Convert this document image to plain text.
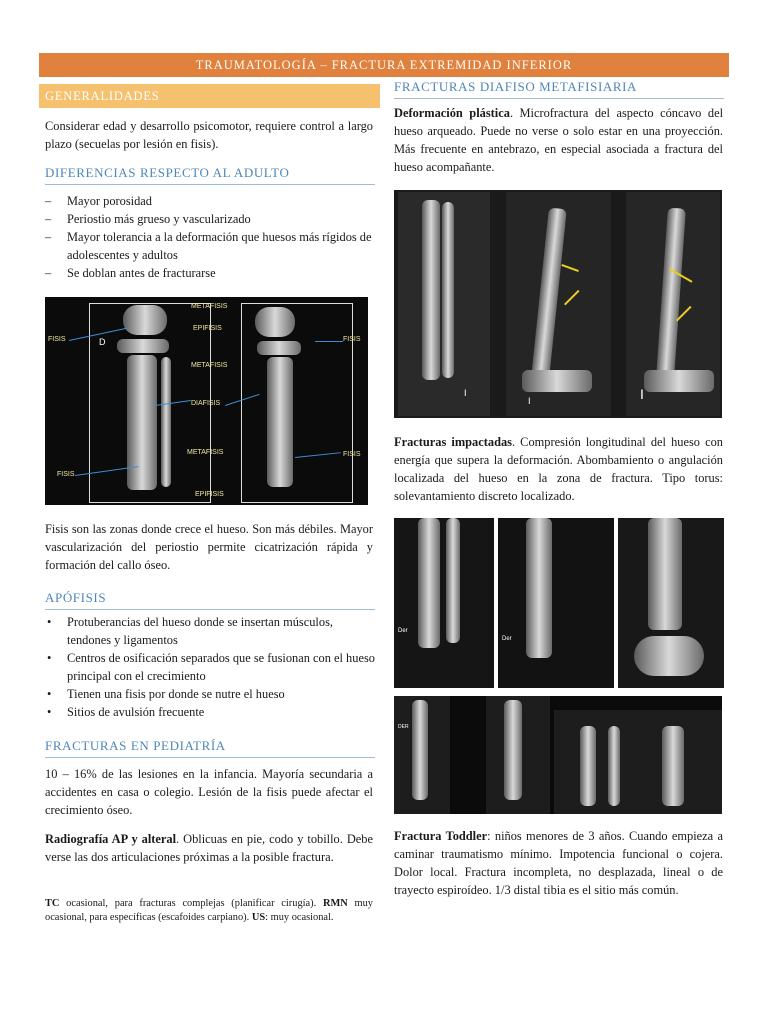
TRAUMATOLOGÍA – FRACTURA EXTREMIDAD INFERIOR
GENERALIDADES
Considerar edad y desarrollo psicomotor, requiere control a largo plazo (secuelas por lesión en fisis).
DIFERENCIAS RESPECTO AL ADULTO
– Mayor porosidad
– Periostio más grueso y vascularizado
– Mayor tolerancia a la deformación que huesos más rígidos de adolescentes y adultos
– Se doblan antes de fracturarse
D
METAFISIS
EPIFISIS
METAFISIS
DIAFISIS
METAFISIS
EPIFISIS
FISIS	FISIS
FISIS
FISIS
Fisis son las zonas donde crece el hueso. Son más débiles. Mayor vascularización del periostio permite cicatrización rápida y formación del callo óseo.
APÓFISIS
• Protuberancias del hueso donde se insertan músculos, tendones y ligamentos
• Centros de osificación separados que se fusionan con el hueso principal con el crecimiento
• Tienen una fisis por donde se nutre el hueso
• Sitios de avulsión frecuente
FRACTURAS EN PEDIATRÍA
10 – 16% de las lesiones en la infancia. Mayoría secundaria a accidentes en casa o colegio. Lesión de la fisis puede afectar el crecimiento óseo.
Radiografía AP y alteral. Oblicuas en pie, codo y tobillo. Debe verse las dos articulaciones próximas a la posible fractura.
TC ocasional, para fracturas complejas (planificar cirugía). RMN muy ocasional, para específicas (escafoides carpiano). US: muy ocasional.
FRACTURAS DIAFISO METAFISIARIA
Deformación plástica. Microfractura del aspecto cóncavo del hueso arqueado. Puede no verse o solo estar en una proyección. Más frecuente en antebrazo, en especial asociada a fractura del hueso acompañante.
I
I	I
Fracturas impactadas. Compresión longitudinal del hueso con energía que supera la deformación. Abombamiento o angulación localizada del hueso en la zona de fractura. Tipo torus: solevantamiento discreto localizado.
Der
Der
DER
Fractura Toddler: niños menores de 3 años. Cuando empieza a caminar traumatismo mínimo. Impotencia funcional o cojera. Dolor local. Fractura incompleta, no desplazada, lineal o de trayecto espiroídeo. 1/3 distal tibia es el sitio más común.
